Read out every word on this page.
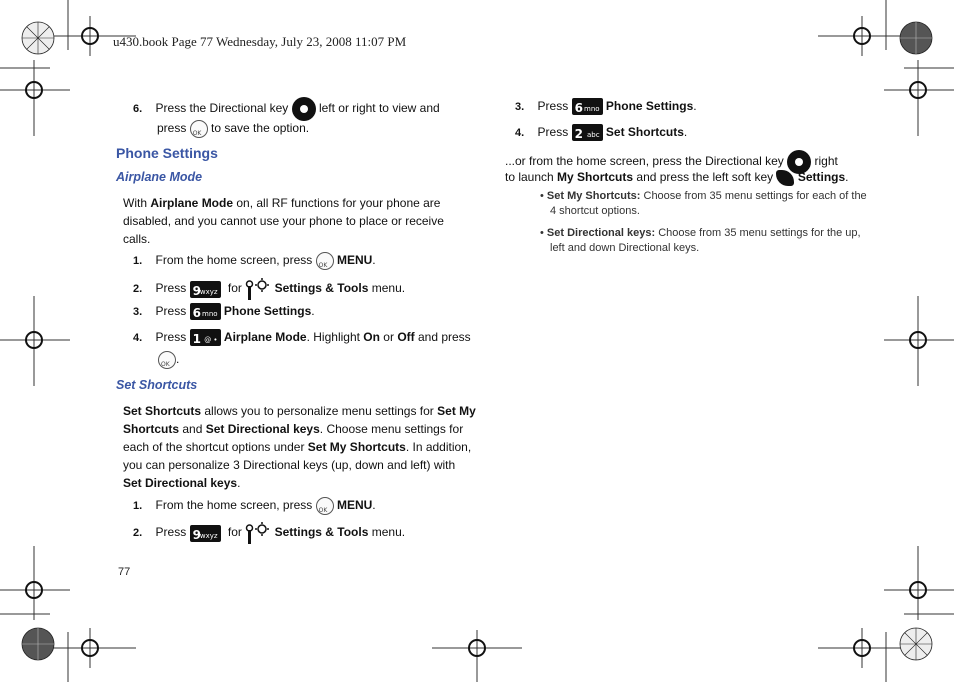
u430.book Page 77 Wednesday, July 23, 2008 11:07 PM
6. Press the Directional key	left or right to view and
press OK to save the option.
Phone Settings
Airplane Mode
With Airplane Mode on, all RF functions for your phone are
disabled, and you cannot use your phone to place or receive
calls.
1. From the home screen, press OK MENU.
2. Press 9
wxyz for	Settings & Tools menu.
3. Press 6 mno Phone Settings.
4. Press 1 @ • Airplane Mode. Highlight On or Off and press
OK.
Set Shortcuts
Set Shortcuts allows you to personalize menu settings for Set My
Shortcuts and Set Directional keys. Choose menu settings for
each of the shortcut options under Set My Shortcuts. In addition,
you can personalize 3 Directional keys (up, down and left) with
Set Directional keys.
1. From the home screen, press OK MENU.
2. Press 9
wxyz for	Settings & Tools menu.
77
3. Press 6 mno Phone Settings.
4. Press 2 abc Set Shortcuts.
...or from the home screen, press the Directional key	right
to launch My Shortcuts and press the left soft key Settings.
• Set My Shortcuts: Choose from 35 menu settings for each of the
4 shortcut options.
• Set Directional keys: Choose from 35 menu settings for the up,
left and down Directional keys.
